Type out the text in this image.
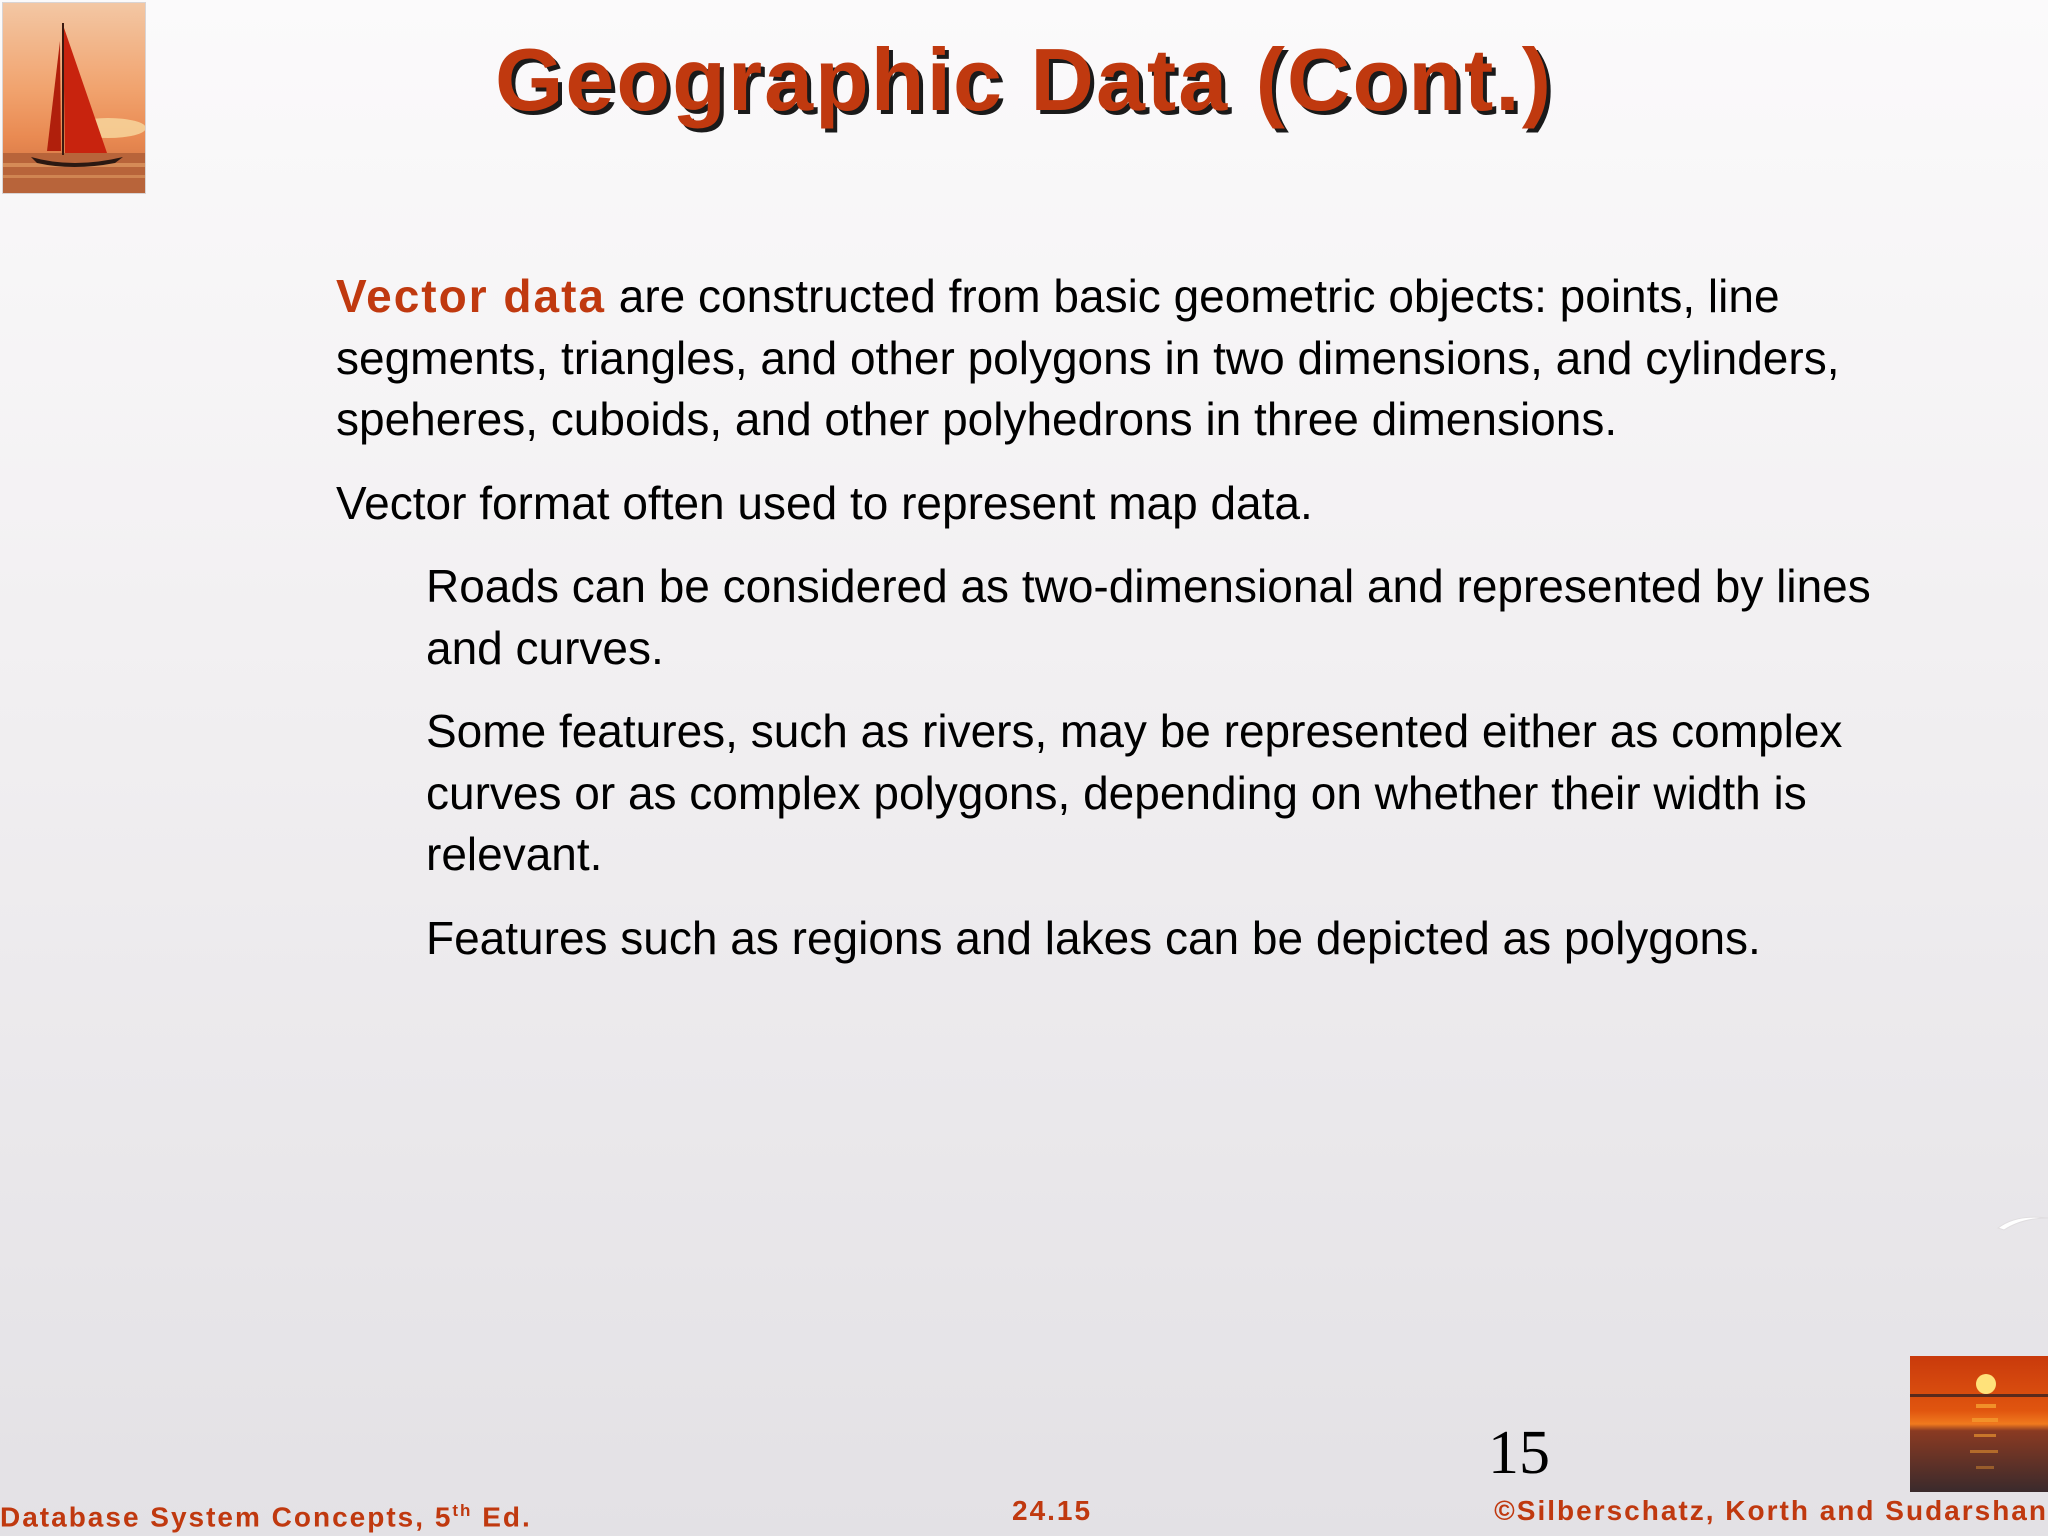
Geographic Data (Cont.)

Vector data are constructed from basic geometric objects: points, line segments, triangles, and other polygons in two dimensions, and cylinders, speheres, cuboids, and other polyhedrons in three dimensions.

Vector format often used to represent map data.

Roads can be considered as two-dimensional and represented by lines and curves.

Some features, such as rivers, may be represented either as complex curves or as complex polygons, depending on whether their width is relevant.

Features such as regions and lakes can be depicted as polygons.

15
Database System Concepts, 5th Ed.	24.15	©Silberschatz, Korth and Sudarshan
